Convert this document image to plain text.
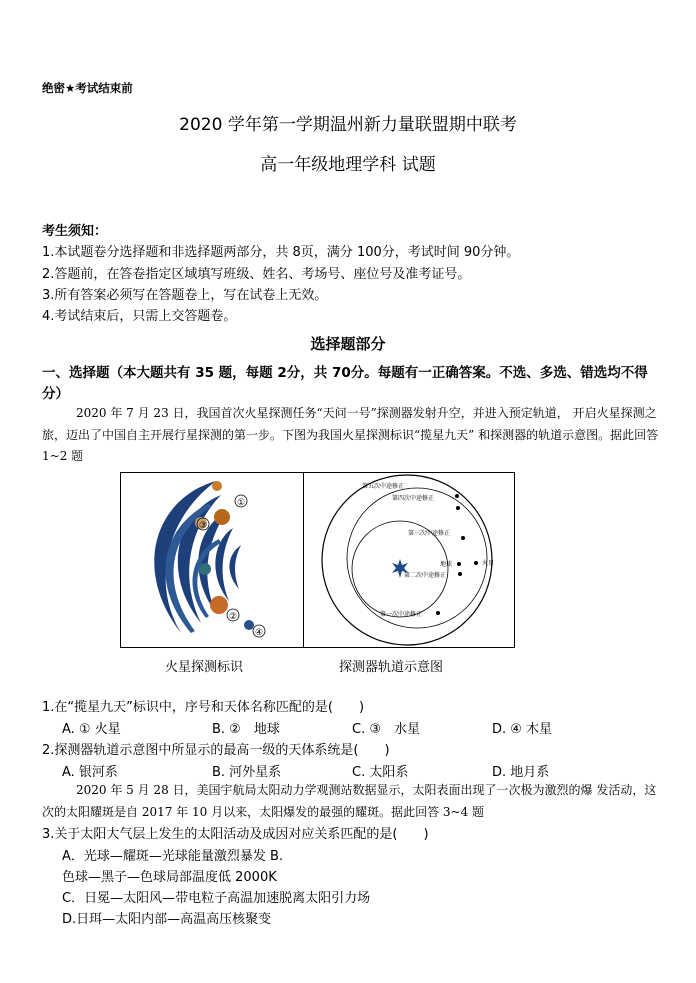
绝密★考试结束前
2020 学年第一学期温州新力量联盟期中联考
高一年级地理学科 试题
考生须知：
1.本试题卷分选择题和非选择题两部分，共 8页，满分 100分，考试时间 90分钟。
2.答题前，在答卷指定区域填写班级、姓名、考场号、座位号及准考证号。
3.所有答案必须写在答题卷上，写在试卷上无效。
4.考试结束后，只需上交答题卷。
选择题部分
一、选择题（本大题共有 35 题，每题 2分，共 70分。每题有一正确答案。不选、多选、错选均不得分）
2020 年 7 月 23 日，我国首次火星探测任务“天问一号”探测器发射升空，并进入预定轨道， 开启火星探测之旅，迈出了中国自主开展行星探测的第一步。下图为我国火星探测标识“揽星九天” 和探测器的轨道示意图。据此回答 1~2 题
①
②
③
④
第五次中途修正
第四次中途修正
第三次中途修正
地球
第二次中途修正
火星
第一次中途修正
火星探测标识	探测器轨道示意图
1.在“揽星九天”标识中，序号和天体名称匹配的是(　　)
A. ① 火星	B. ②　地球	C. ③　水星	D. ④ 木星
2.探测器轨道示意图中所显示的最高一级的天体系统是(　　)
A. 银河系	B. 河外星系	C. 太阳系	D. 地月系
2020 年 5 月 28 日，美国宇航局太阳动力学观测站数据显示，太阳表面出现了一次极为激烈的爆 发活动，这次的太阳耀斑是自 2017 年 10 月以来，太阳爆发的最强的耀斑。据此回答 3~4 题
3.关于太阳大气层上发生的太阳活动及成因对应关系匹配的是(　　)
A．光球—耀斑—光球能量激烈暴发 B.
色球—黑子—色球局部温度低 2000K
C．日冕—太阳风—带电粒子高温加速脱离太阳引力场
D.日珥—太阳内部—高温高压核聚变
